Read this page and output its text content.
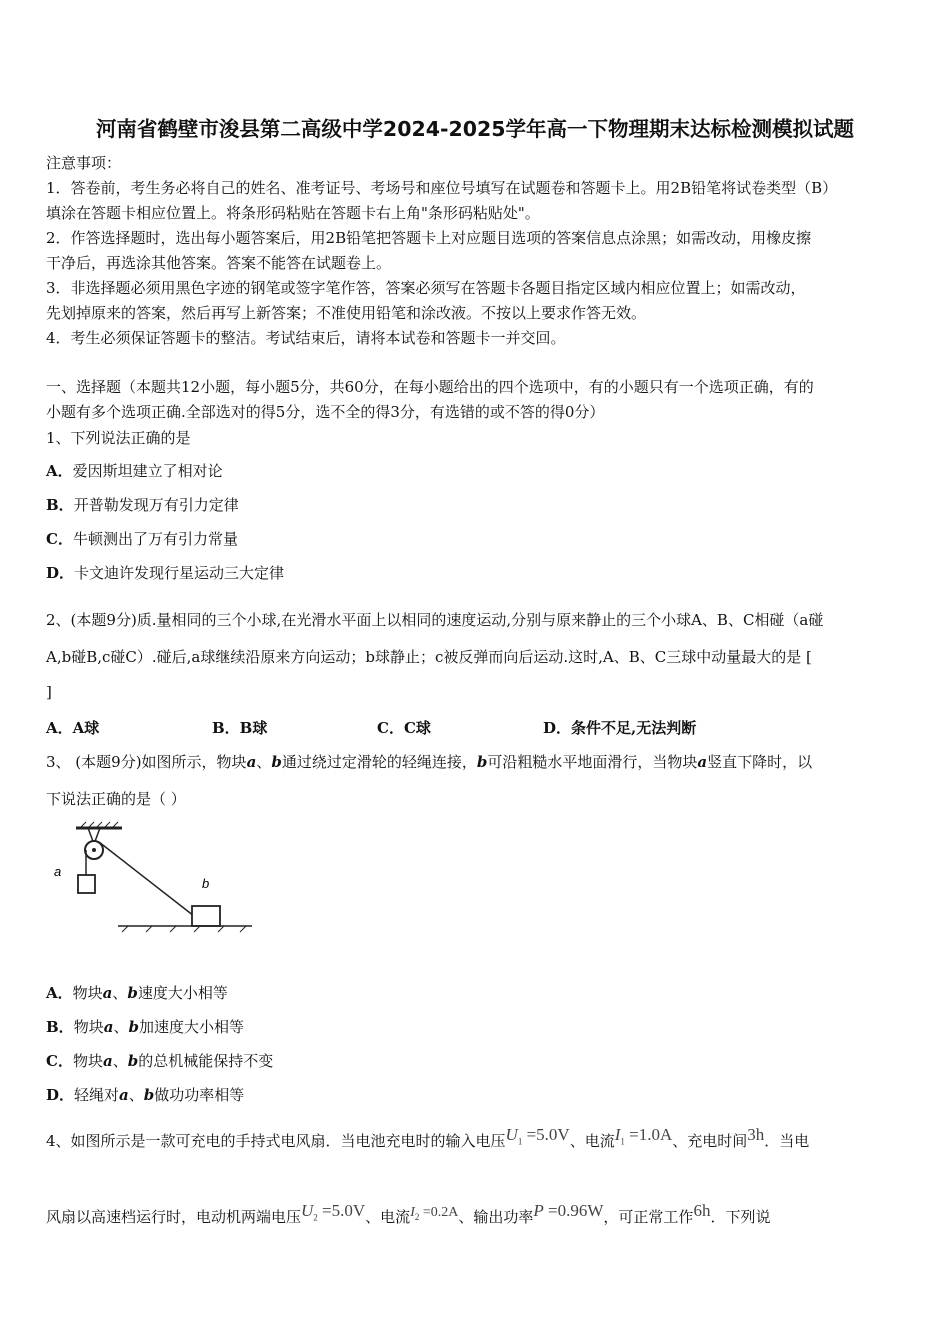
河南省鹤壁市浚县第二高级中学2024-2025学年高一下物理期末达标检测模拟试题
注意事项：
1．答卷前，考生务必将自己的姓名、准考证号、考场号和座位号填写在试题卷和答题卡上。用2B铅笔将试卷类型（B）
填涂在答题卡相应位置上。将条形码粘贴在答题卡右上角"条形码粘贴处"。
2．作答选择题时，选出每小题答案后，用2B铅笔把答题卡上对应题目选项的答案信息点涂黑；如需改动，用橡皮擦
干净后，再选涂其他答案。答案不能答在试题卷上。
3．非选择题必须用黑色字迹的钢笔或签字笔作答，答案必须写在答题卡各题目指定区域内相应位置上；如需改动，
先划掉原来的答案，然后再写上新答案；不准使用铅笔和涂改液。不按以上要求作答无效。
4．考生必须保证答题卡的整洁。考试结束后，请将本试卷和答题卡一并交回。
一、选择题（本题共12小题，每小题5分，共60分，在每小题给出的四个选项中，有的小题只有一个选项正确，有的
小题有多个选项正确.全部选对的得5分，选不全的得3分，有选错的或不答的得0分）
1、下列说法正确的是
A．爱因斯坦建立了相对论
B．开普勒发现万有引力定律
C．牛顿测出了万有引力常量
D．卡文迪许发现行星运动三大定律
2、(本题9分)质.量相同的三个小球,在光滑水平面上以相同的速度运动,分别与原来静止的三个小球A、B、C相碰（a碰
A,b碰B,c碰C）.碰后,a球继续沿原来方向运动；b球静止；c被反弹而向后运动.这时,A、B、C三球中动量最大的是 [
]
A．A球	B．B球	C．C球	D．条件不足,无法判断
3、 (本题9分)如图所示，物块a、b通过绕过定滑轮的轻绳连接，b可沿粗糙水平地面滑行，当物块a竖直下降时，以
下说法正确的是（ ）
a
b
A．物块a、b速度大小相等
B．物块a、b加速度大小相等
C．物块a、b的总机械能保持不变
D．轻绳对a、b做功功率相等
4、如图所示是一款可充电的手持式电风扇．当电池充电时的输入电压$U_1 =5.0V$、电流$I_1 =1.0A$、充电时间3h．当电
风扇以高速档运行时，电动机两端电压$U_2 =5.0V$、电流$I_2 =0.2A$、输出功率P =0.96W，可正常工作6h．下列说
